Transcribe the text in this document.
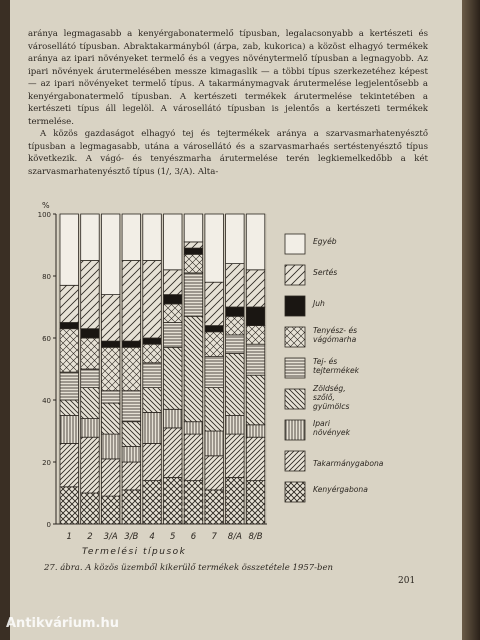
aránya legmagasabb a kenyérgabonatermelő típusban, legalacsonyabb a kertészeti és városellátó típusban. Abraktakarmányból (árpa, zab, kukorica) a közöst elhagyó termékek aránya az ipari növényeket termelő és a vegyes növénytermelő típusban a legnagyobb. Az ipari növények árutermelésében messze kimagaslik — a többi típus szerkezetéhez képest — az ipari növényeket termelő típus. A takarmánymagvak árutermelése legjelentősebb a kenyérgabonatermelő típusban. A kertészeti termékek árutermelése tekintetében a kertészeti típus áll legelöl. A városellátó típusban is jelentős a kertészeti termékek termelése.

A közös gazdaságot elhagyó tej és tejtermékek aránya a szarvasmarhatenyésztő típusban a legmagasabb, utána a városellátó és a szarvasmarhaés sertéstenyésztő típus következik. A vágó- és tenyészmarha árutermelése terén legkiemelkedőbb a két szarvasmarhatenyésztő típus (1/, 3/A). Alta-

1 2 3/A 3/B 4 5 6 7 8/A 8/B
0
20
40
60
80
100
%
Termelési típusok
Egyéb
Sertés
Juh
Tenyész- és vágómarha
Tej- és tejtermékek
Zöldség, szőlő, gyümölcs
Ipari növények
Takarmánygabona
Kenyérgabona
27. ábra. A közös üzemből kikerülő termékek összetétele 1957-ben
201
Antikvárium.hu
